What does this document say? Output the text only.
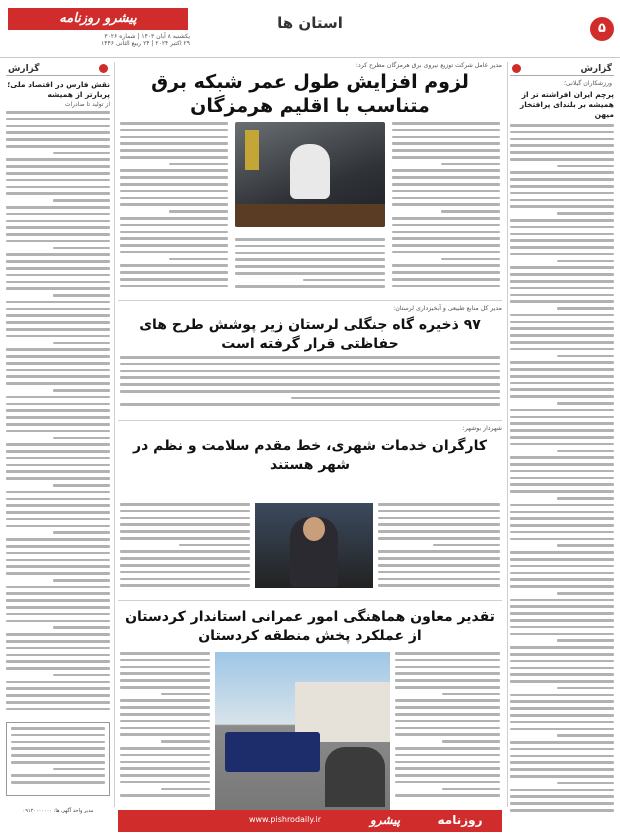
۵
استان ها
پیشرو روزنامه
یکشنبه ۸ آبان ۱۴۰۳ | شماره ۳۰۲۶
۲۹ اکتبر ۲۰۲۴ | ۲۴ ربیع الثانی ۱۴۴۶
گزارش
ورزشکاران گیلانی؛
پرچم ایران افراشته تر از همیشه بر بلندای پرافتخار میهن
گزارش
نقش فارس در اقتصاد ملی؛ پربارتر از همیشه
از تولید تا صادرات
مدیر عامل شرکت توزیع نیروی برق هرمزگان مطرح کرد:
لزوم افزایش طول عمر شبکه برق متناسب با اقلیم هرمزگان
مدیر کل منابع طبیعی و آبخیزداری لرستان:
۹۷ ذخیره گاه جنگلی لرستان زیر پوشش طرح های حفاظتی قرار گرفته است
شهردار بوشهر:
کارگران خدمات شهری، خط مقدم سلامت و نظم در شهر هستند
تقدیر معاون هماهنگی امور عمرانی استاندار کردستان از عملکرد پخش منطقه کردستان
روزنامه
پیشرو
www.pishrodaily.ir
مدیر واحد آگهی ها: ۰۹۱۲۰۰۰۰۰۰۰
